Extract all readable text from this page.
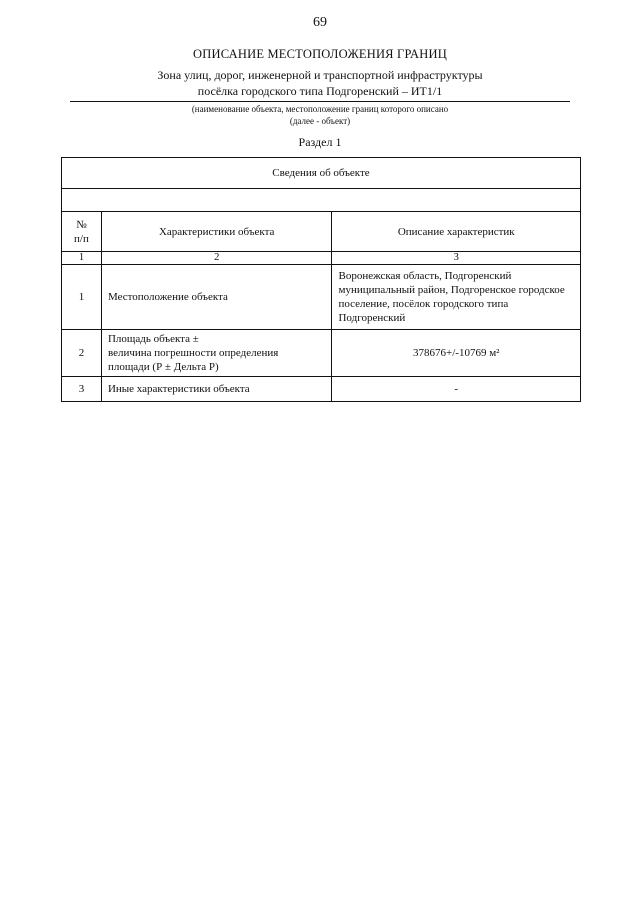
69
ОПИСАНИЕ МЕСТОПОЛОЖЕНИЯ ГРАНИЦ
Зона улиц, дорог, инженерной и транспортной инфраструктуры
посёлка городского типа Подгоренский – ИТ1/1
(наименование объекта, местоположение границ которого описано
(далее - объект)
Раздел 1
Сведения об объекте		

№
п/п	Характеристики объекта	Описание характеристик
1	2	3
1	Местоположение объекта	Воронежская область, Подгоренский муниципальный район, Подгоренское городское поселение, посёлок городского типа Подгоренский
2	Площадь объекта ±
величина погрешности определения
площади (Р ± Дельта Р)	378676+/-10769 м²
3	Иные характеристики объекта	-
